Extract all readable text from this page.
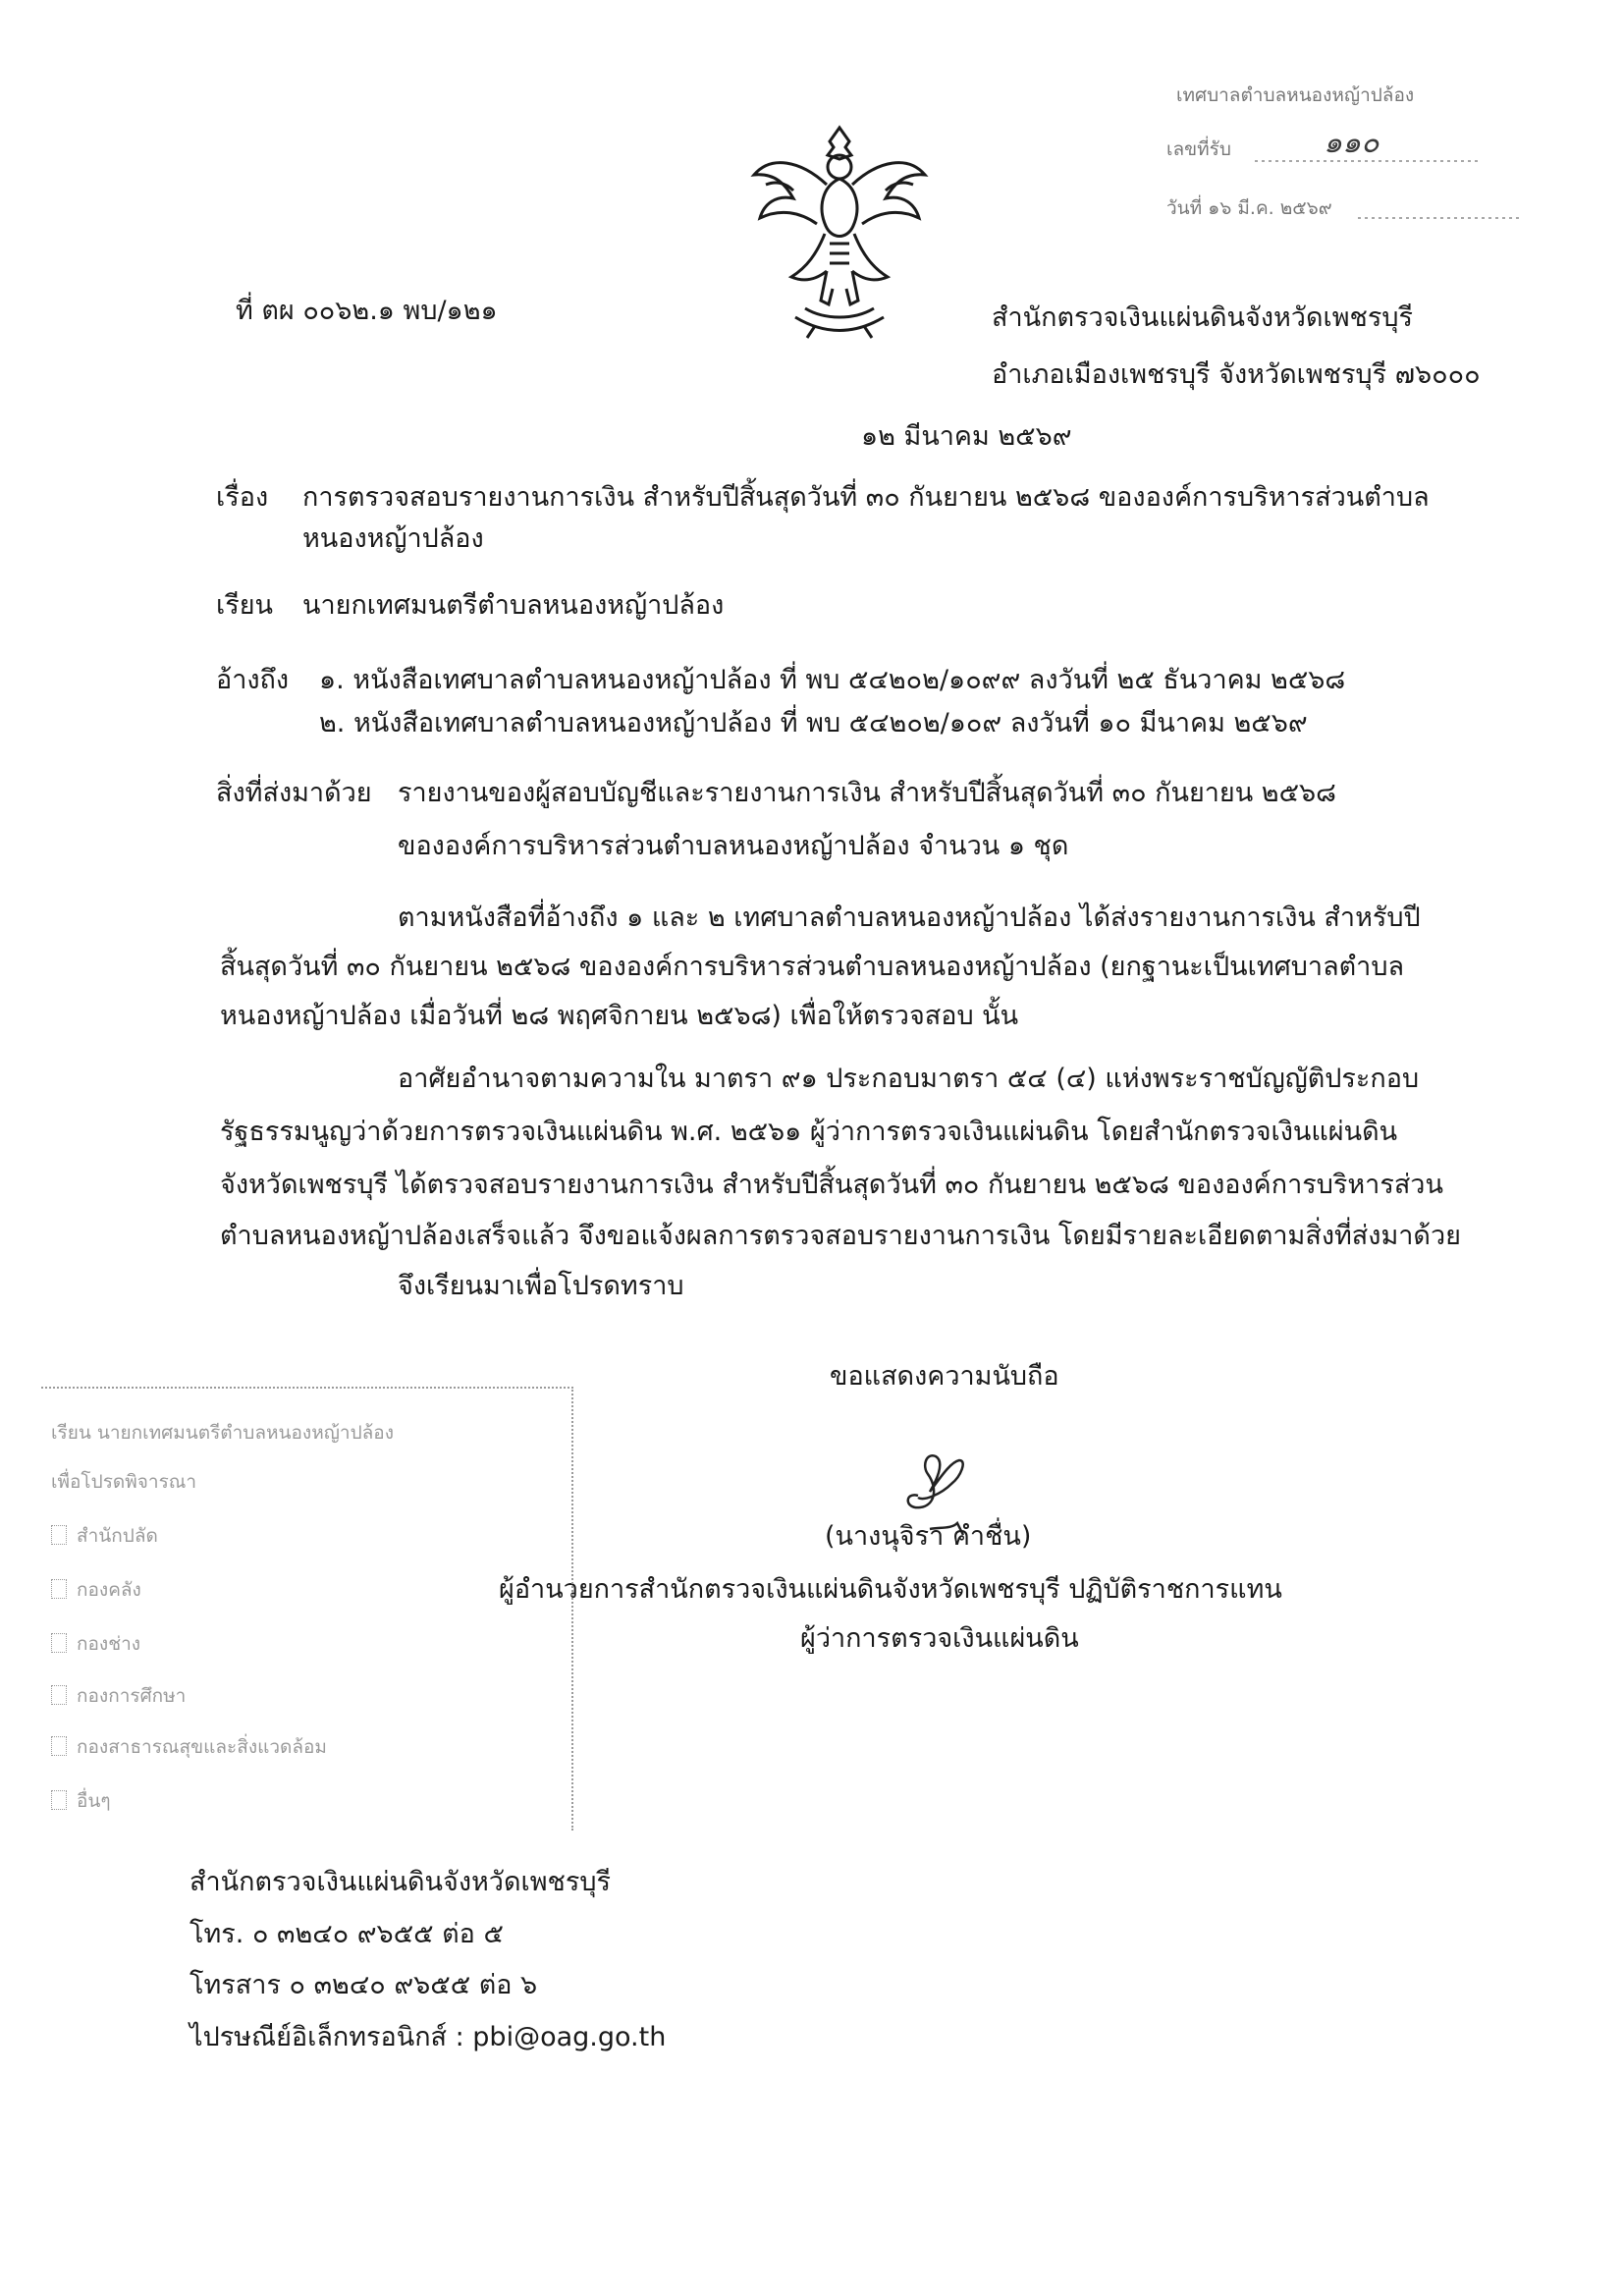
เทศบาลตำบลหนองหญ้าปล้อง
เลขที่รับ	๑๑๐
วันที่ ๑๖ มี.ค. ๒๕๖๙
ที่ ตผ ๐๐๖๒.๑ พบ/๑๒๑	สำนักตรวจเงินแผ่นดินจังหวัดเพชรบุรี
อำเภอเมืองเพชรบุรี จังหวัดเพชรบุรี ๗๖๐๐๐
๑๒ มีนาคม ๒๕๖๙
เรื่อง การตรวจสอบรายงานการเงิน สำหรับปีสิ้นสุดวันที่ ๓๐ กันยายน ๒๕๖๘ ขององค์การบริหารส่วนตำบล
หนองหญ้าปล้อง
เรียน นายกเทศมนตรีตำบลหนองหญ้าปล้อง
อ้างถึง ๑. หนังสือเทศบาลตำบลหนองหญ้าปล้อง ที่ พบ ๕๔๒๐๒/๑๐๙๙ ลงวันที่ ๒๕ ธันวาคม ๒๕๖๘
๒. หนังสือเทศบาลตำบลหนองหญ้าปล้อง ที่ พบ ๕๔๒๐๒/๑๐๙ ลงวันที่ ๑๐ มีนาคม ๒๕๖๙
สิ่งที่ส่งมาด้วย รายงานของผู้สอบบัญชีและรายงานการเงิน สำหรับปีสิ้นสุดวันที่ ๓๐ กันยายน ๒๕๖๘
ขององค์การบริหารส่วนตำบลหนองหญ้าปล้อง จำนวน ๑ ชุด
ตามหนังสือที่อ้างถึง ๑ และ ๒ เทศบาลตำบลหนองหญ้าปล้อง ได้ส่งรายงานการเงิน สำหรับปี
สิ้นสุดวันที่ ๓๐ กันยายน ๒๕๖๘ ขององค์การบริหารส่วนตำบลหนองหญ้าปล้อง (ยกฐานะเป็นเทศบาลตำบล
หนองหญ้าปล้อง เมื่อวันที่ ๒๘ พฤศจิกายน ๒๕๖๘) เพื่อให้ตรวจสอบ นั้น
อาศัยอำนาจตามความใน มาตรา ๙๑ ประกอบมาตรา ๕๔ (๔) แห่งพระราชบัญญัติประกอบ
รัฐธรรมนูญว่าด้วยการตรวจเงินแผ่นดิน พ.ศ. ๒๕๖๑ ผู้ว่าการตรวจเงินแผ่นดิน โดยสำนักตรวจเงินแผ่นดิน
จังหวัดเพชรบุรี ได้ตรวจสอบรายงานการเงิน สำหรับปีสิ้นสุดวันที่ ๓๐ กันยายน ๒๕๖๘ ขององค์การบริหารส่วน
ตำบลหนองหญ้าปล้องเสร็จแล้ว จึงขอแจ้งผลการตรวจสอบรายงานการเงิน โดยมีรายละเอียดตามสิ่งที่ส่งมาด้วย
จึงเรียนมาเพื่อโปรดทราบ
ขอแสดงความนับถือ
(นางนุจิรา คำชื่น)
ผู้อำนวยการสำนักตรวจเงินแผ่นดินจังหวัดเพชรบุรี ปฏิบัติราชการแทน
ผู้ว่าการตรวจเงินแผ่นดิน
เรียน นายกเทศมนตรีตำบลหนองหญ้าปล้อง
เพื่อโปรดพิจารณา
สำนักปลัด
กองคลัง
กองช่าง
กองการศึกษา
กองสาธารณสุขและสิ่งแวดล้อม
อื่นๆ
สำนักตรวจเงินแผ่นดินจังหวัดเพชรบุรี
โทร. ๐ ๓๒๔๐ ๙๖๕๕ ต่อ ๕
โทรสาร ๐ ๓๒๔๐ ๙๖๕๕ ต่อ ๖
ไปรษณีย์อิเล็กทรอนิกส์ : pbi@oag.go.th
